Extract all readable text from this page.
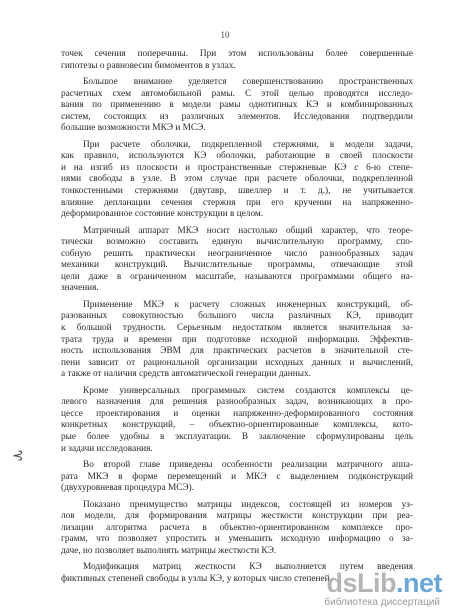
10
точек сечения поперечины. При этом использованы более совершенные
гипотезы о равновесии бимоментов в узлах.
Большое внимание уделяется совершенствованию пространственных
расчетных схем автомобильной рамы. С этой целью проводятся исследо-
вания по применению в модели рамы однотипных КЭ и комбинированных
систем, состоящих из различных элементов. Исследования подтвердили
большие возможности МКЭ и МСЭ.
При расчете оболочки, подкрепленной стержнями, в модели задачи,
как правило, используются КЭ оболочки, работающие в своей плоскости
и на изгиб из плоскости и пространственные стержневые КЭ с 6-ю степе-
нями свободы в узле. В этом случае при расчете оболочки, подкрепленной
тонкостенными стержнями (двутавр, швеллер и т. д.), не учитывается
влияние депланации сечения стержня при его кручении на напряженно-
деформированное состояние конструкции в целом.
Матричный аппарат МКЭ носит настолько общий характер, что теоре-
тически возможно составить единую вычислительную программу, спо-
собную решить практически неограниченное число разнообразных задач
механики конструкций. Вычислительные программы, отвечающие этой
цели даже в ограниченном масштабе, называются программами общего на-
значения.
Применение МКЭ к расчету сложных инженерных конструкций, об-
разованных совокупностью большого числа различных КЭ, приводит
к большой трудности. Серьезным недостатком является значительная за-
трата труда и времени при подготовке исходной информации. Эффектив-
ность использования ЭВМ для практических расчетов в значительной сте-
пени зависит от рациональной организации исходных данных и вычислений,
а также от наличия средств автоматической генерации данных.
Кроме универсальных программных систем создаются комплексы це-
левого назначения для решения разнообразных задач, возникающих в про-
цессе проектирования и оценки напряженно-деформированного состояния
конкретных конструкций, – объектно-ориентированные комплексы, кото-
рые более удобны в эксплуатации. В заключение сформулированы цель
и задачи исследования.
Во второй главе приведены особенности реализации матричного аппа-
рата МКЭ в форме перемещений и МКЭ с выделением подконструкций
(двухуровневая процедура МСЭ).
Показано преимущество матрицы индексов, состоящей из номеров уз-
лов модели, для формирования матрицы жесткости конструкции при реа-
лизации алгоритма расчета в объектно-ориентированном комплексе про-
грамм, что позволяет упростить и уменьшить исходную информацию о за-
даче, но позволяет выполнять матрицы жесткости КЭ.
Модификация матриц жесткости КЭ выполняется путем введения
фиктивных степеней свободы в узлы КЭ, у которых число степеней
⊰
dsLib.net
библиотека диссертаций
